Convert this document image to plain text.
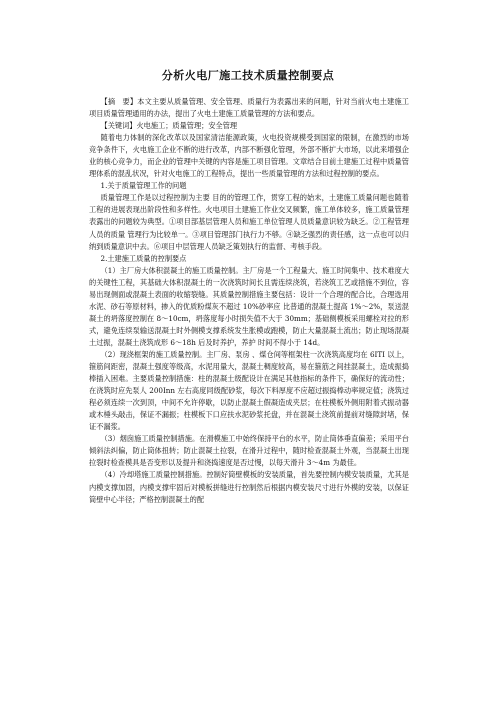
分析火电厂施工技术质量控制要点

【摘　要】本文主要从质量管理、安全管理、质量行为表露出来的问题，针对当前火电土建施工项目质量管理通用的办法，提出了火电土建施工质量管理的方法和要点。

【关键词】火电施工；质量管理；安全管理

随着电力体制的深化改革以及国家清洁能源政策，火电投资规模受到国家的限制，在激烈的市场竞争条件下，火电施工企业不断的进行改革，内部不断强化管理，外部不断扩大市场，以此来增强企业的核心竞争力，而企业的管理中关键的内容是施工项目管理。文章结合目前土建施工过程中质量管理体系的混乱状况，针对火电施工的工程特点，提出一些质量管理的方法和过程控制的要点。

1.关于质量管理工作的问题

质量管理工作是以过程控制为主要 目的的管理工作，贯穿工程的始末，土建施工质量问题也随着工程的进展表现出阶段性和多样性。火电项目土建施工作业交叉频繁，施工单体较多，施工质量管理表露出的问题较为典型。①项目部基层管理人员和施工单位管理人员质量意识较为缺乏。②工程管理人员的质量 管理行为比较单一。③项目管理部门执行力不够。④缺乏强烈的责任感，这一点也可以归纳到质量意识中去。⑥项目中层管理人员缺乏策划执行的监督、考核手段。

2.土建施工质量的控制要点

（1）主厂房大体积混凝土的施工质量控制。主厂房是一个工程量大、施工时间集中、技术难度大的关键性工程，其基础大体积混凝土的一次浇筑时间长且需连续浇筑，若浇筑工艺或措施不到位，容易出现侧面或混凝土表面的收缩裂缝。其质量控制措施主要包括：设计一个合理的配合比，合理选用水泥、砂石等原材料，掺入的优质粉煤灰不超过 10%砂率应 比普通的混凝土提高 1%～2%，泵送混凝土的坍落度控制在 8～10cm，坍落度每小时损失值不大于 30mm；基础侧模板采用螺栓对拉的形式，避免连续泵输送混凝土时外侧模支撑系统发生胀模或跑模，防止大量混凝土流出；防止现场混凝土过振，混凝土浇筑成形 6～18h 后及时养护，养护 时间不得小于 14d。

（2）现浇框架的施工质量控制。主厂房、泵房 、煤仓间等框架柱一次浇筑高度均在 6ITI 以上，箍筋间距密，混凝土强度等级高，水泥用量大，混凝土稠度较高，易在箍筋之间挂混凝土，造成振捣棒插入困难。主要质量控制措施：柱的混凝土级配设计在满足其他指标的条件下，确保好的流动性；在浇筑时应先泵人 200Inn 左右高度同级配砂浆，每次下料厚度不应超过振捣棒动率规定值；浇筑过程必须连续一次到顶，中间不允许停歇，以防止混凝土假凝造成夹层；在柱模板外侧用附着式振动器或木棰头敲击，保证不漏振；柱模板下口应扶水泥砂浆托盘，并在混凝土浇筑前提前对缝隙封堵，保证不漏浆。

（3）烟囱施工质量控制措施。在滑模施工中始终保持平台的水平，防止筒体垂直偏差；采用平台倾斜法纠偏，防止筒体扭转；防止混凝土拉裂，在滑升过程中，随时检查混凝土外观，当混凝土出现拉裂时检查模具是否变形以及提升和浇捣速度是否过慢，以每天滑升 3～4m 为最佳。

（4）冷却塔施工质量控制措施。控制好筒壁模板的安装质量，首先要控制内模安装质量，尤其是内模支撑加固，内模支撑牢固后对模板拼缝进行控制然后根据内模安装尺寸进行外模的安装，以保证筒壁中心半径；严格控制混凝土的配
